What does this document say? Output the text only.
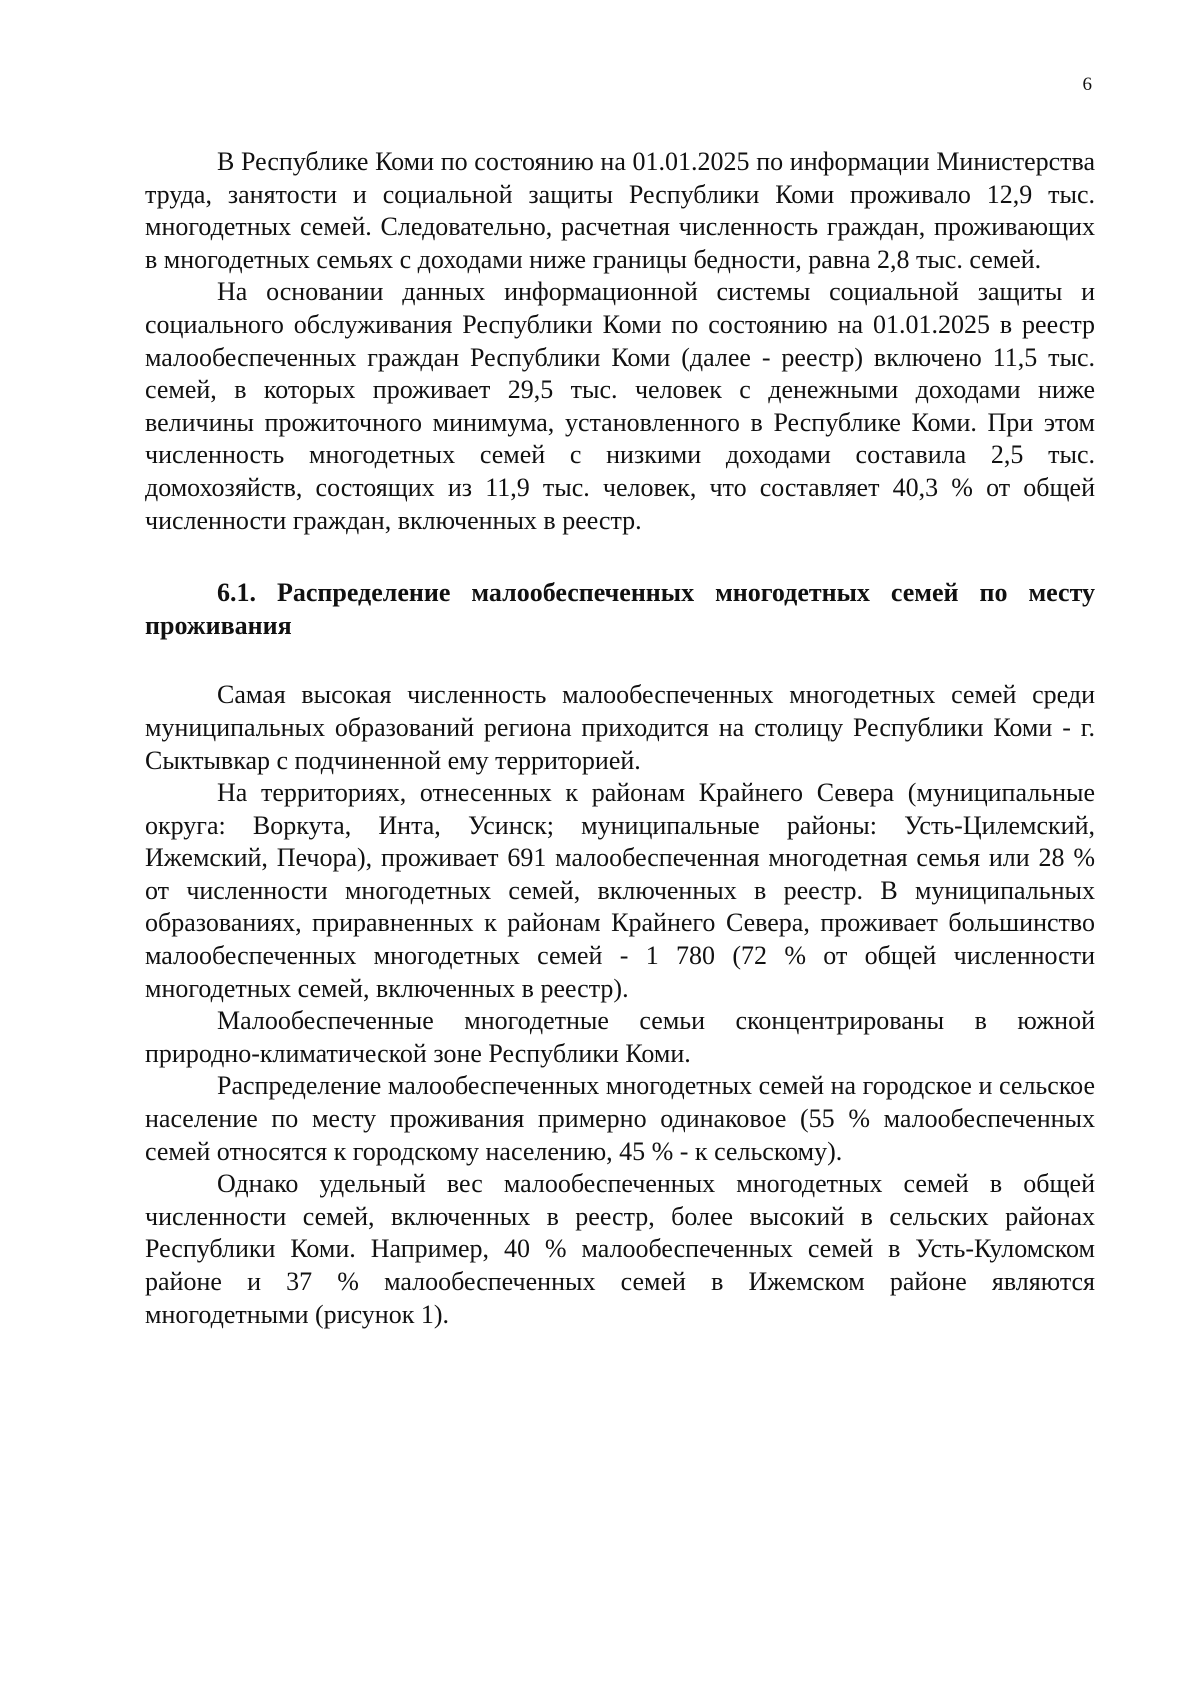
6

В Республике Коми по состоянию на 01.01.2025 по информации Министерства труда, занятости и социальной защиты Республики Коми проживало 12,9 тыс. многодетных семей. Следовательно, расчетная численность граждан, проживающих в многодетных семьях с доходами ниже границы бедности, равна 2,8 тыс. семей.

На основании данных информационной системы социальной защиты и социального обслуживания Республики Коми по состоянию на 01.01.2025 в реестр малообеспеченных граждан Республики Коми (далее - реестр) включено 11,5 тыс. семей, в которых проживает 29,5 тыс. человек с денежными доходами ниже величины прожиточного минимума, установленного в Республике Коми. При этом численность многодетных семей с низкими доходами составила 2,5 тыс. домохозяйств, состоящих из 11,9 тыс. человек, что составляет 40,3 % от общей численности граждан, включенных в реестр.

6.1. Распределение малообеспеченных многодетных семей по месту проживания

Самая высокая численность малообеспеченных многодетных семей среди муниципальных образований региона приходится на столицу Республики Коми - г. Сыктывкар с подчиненной ему территорией.

На территориях, отнесенных к районам Крайнего Севера (муниципальные округа: Воркута, Инта, Усинск; муниципальные районы: Усть-Цилемский, Ижемский, Печора), проживает 691 малообеспеченная многодетная семья или 28 % от численности многодетных семей, включенных в реестр. В муниципальных образованиях, приравненных к районам Крайнего Севера, проживает большинство малообеспеченных многодетных семей - 1 780 (72 % от общей численности многодетных семей, включенных в реестр).

Малообеспеченные многодетные семьи сконцентрированы в южной природно-климатической зоне Республики Коми.

Распределение малообеспеченных многодетных семей на городское и сельское население по месту проживания примерно одинаковое (55 % малообеспеченных семей относятся к городскому населению, 45 % - к сельскому).

Однако удельный вес малообеспеченных многодетных семей в общей численности семей, включенных в реестр, более высокий в сельских районах Республики Коми. Например, 40 % малообеспеченных семей в Усть-Куломском районе и 37 % малообеспеченных семей в Ижемском районе являются многодетными (рисунок 1).
